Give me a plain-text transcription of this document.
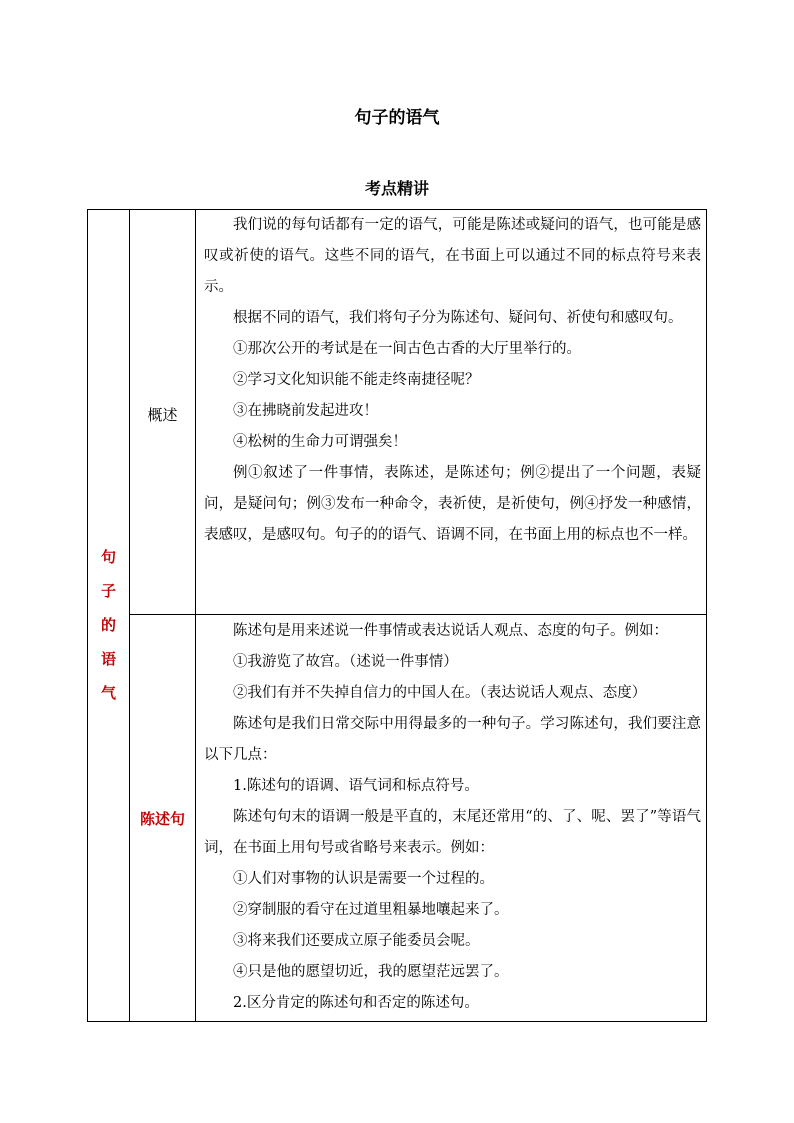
句子的语气
考点精讲
句
子
的
语
气
概述
陈述句

我们说的每句话都有一定的语气，可能是陈述或疑问的语气，也可能是感叹或祈使的语气。这些不同的语气，在书面上可以通过不同的标点符号来表示。

根据不同的语气，我们将句子分为陈述句、疑问句、祈使句和感叹句。

①那次公开的考试是在一间古色古香的大厅里举行的。

②学习文化知识能不能走终南捷径呢？

③在拂晓前发起进攻！

④松树的生命力可谓强矣！

例①叙述了一件事情，表陈述，是陈述句；例②提出了一个问题，表疑问，是疑问句；例③发布一种命令，表祈使，是祈使句，例④抒发一种感情，表感叹，是感叹句。句子的的语气、语调不同，在书面上用的标点也不一样。

陈述句是用来述说一件事情或表达说话人观点、态度的句子。例如：

①我游览了故宫。（述说一件事情）

②我们有并不失掉自信力的中国人在。（表达说话人观点、态度）

陈述句是我们日常交际中用得最多的一种句子。学习陈述句，我们要注意以下几点：

1.陈述句的语调、语气词和标点符号。

陈述句句末的语调一般是平直的，末尾还常用“的、了、呢、罢了”等语气词，在书面上用句号或省略号来表示。例如：

①人们对事物的认识是需要一个过程的。

②穿制服的看守在过道里粗暴地嚷起来了。

③将来我们还要成立原子能委员会呢。

④只是他的愿望切近，我的愿望茫远罢了。

2.区分肯定的陈述句和否定的陈述句。
